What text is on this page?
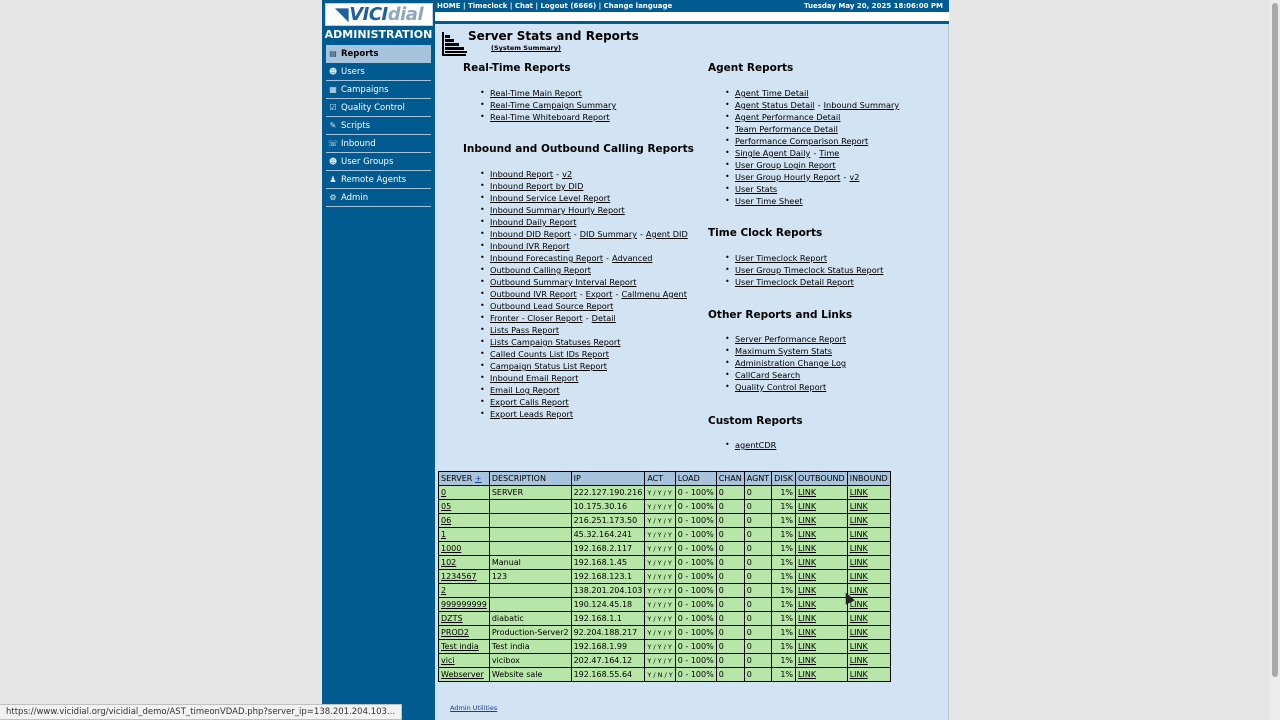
◥ VICI dial
ADMINISTRATION
▤ Reports
☻ Users
▦ Campaigns
☑ Quality Control
✎ Scripts
☏ Inbound
☻ User Groups
♟ Remote Agents
⚙ Admin
HOME | Timeclock | Chat | Logout (6666) | Change language	Tuesday May 20, 2025 18:06:00 PM
Server Stats and Reports
(System Summary)
Real-Time Reports
• Real-Time Main Report
• Real-Time Campaign Summary
• Real-Time Whiteboard Report
Inbound and Outbound Calling Reports
• Inbound Report - v2
• Inbound Report by DID
• Inbound Service Level Report
• Inbound Summary Hourly Report
• Inbound Daily Report
• Inbound DID Report - DID Summary - Agent DID
• Inbound IVR Report
• Inbound Forecasting Report - Advanced
• Outbound Calling Report
• Outbound Summary Interval Report
• Outbound IVR Report - Export - Callmenu Agent
• Outbound Lead Source Report
• Fronter - Closer Report - Detail
• Lists Pass Report
• Lists Campaign Statuses Report
• Called Counts List IDs Report
• Campaign Status List Report
• Inbound Email Report
• Email Log Report
• Export Calls Report
• Export Leads Report
Agent Reports
• Agent Time Detail
• Agent Status Detail - Inbound Summary
• Agent Performance Detail
• Team Performance Detail
• Performance Comparison Report
• Single Agent Daily - Time
• User Group Login Report
• User Group Hourly Report - v2
• User Stats
• User Time Sheet
Time Clock Reports
• User Timeclock Report
• User Group Timeclock Status Report
• User Timeclock Detail Report
Other Reports and Links
• Server Performance Report
• Maximum System Stats
• Administration Change Log
• CallCard Search
• Quality Control Report
Custom Reports
• agentCDR
SERVER +	DESCRIPTION	IP	ACT	LOAD	CHAN	AGNT	DISK	OUTBOUND	INBOUND
0	SERVER	222.127.190.216	Y / Y / Y	0 - 100%	0	0	1%	LINK	LINK
05		10.175.30.16	Y / Y / Y	0 - 100%	0	0	1%	LINK	LINK
06		216.251.173.50	Y / Y / Y	0 - 100%	0	0	1%	LINK	LINK
1		45.32.164.241	Y / Y / Y	0 - 100%	0	0	1%	LINK	LINK
1000		192.168.2.117	Y / Y / Y	0 - 100%	0	0	1%	LINK	LINK
102	Manual	192.168.1.45	Y / Y / Y	0 - 100%	0	0	1%	LINK	LINK
1234567	123	192.168.123.1	Y / Y / Y	0 - 100%	0	0	1%	LINK	LINK
2		138.201.204.103	Y / Y / Y	0 - 100%	0	0	1%	LINK	LINK
999999999		190.124.45.18	Y / Y / Y	0 - 100%	0	0	1%	LINK	LINK
DZTS	diabatic	192.168.1.1	Y / Y / Y	0 - 100%	0	0	1%	LINK	LINK
PROD2	Production-Server2	92.204.188.217	Y / Y / Y	0 - 100%	0	0	1%	LINK	LINK
Test india	Test india	192.168.1.99	Y / Y / Y	0 - 100%	0	0	1%	LINK	LINK
vici	vicibox	202.47.164.12	Y / Y / Y	0 - 100%	0	0	1%	LINK	LINK
Webserver	Website sale	192.168.55.64	Y / N / Y	0 - 100%	0	0	1%	LINK	LINK
Admin Utilities
https://www.vicidial.org/vicidial_demo/AST_timeonVDAD.php?server_ip=138.201.204.103...
